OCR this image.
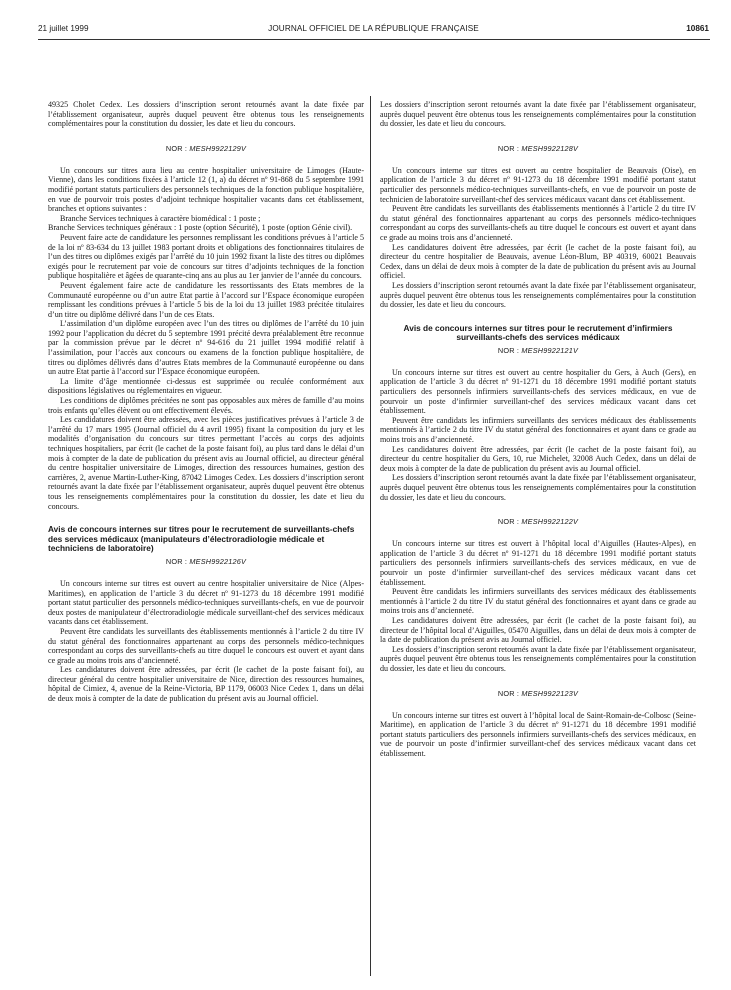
21 juillet 1999	JOURNAL OFFICIEL DE LA RÉPUBLIQUE FRANÇAISE	10861

49325 Cholet Cedex. Les dossiers d’inscription seront retournés avant la date fixée par l’établissement organisateur, auprès duquel peuvent être obtenus tous les renseignements complémentaires pour la constitution du dossier, les date et lieu du concours.

NOR : MESH9922129V

Un concours sur titres aura lieu au centre hospitalier universitaire de Limoges (Haute-Vienne), dans les conditions fixées à l’article 12 (1, a) du décret nº 91-868 du 5 septembre 1991 modifié portant statuts particuliers des personnels techniques de la fonction publique hospitalière, en vue de pourvoir trois postes d’adjoint technique hospitalier vacants dans cet établissement, branches et options suivantes :

Branche Services techniques à caractère biomédical : 1 poste ;

Branche Services techniques généraux : 1 poste (option Sécurité), 1 poste (option Génie civil).

Peuvent faire acte de candidature les personnes remplissant les conditions prévues à l’article 5 de la loi nº 83-634 du 13 juillet 1983 portant droits et obligations des fonctionnaires titulaires de l’un des titres ou diplômes exigés par l’arrêté du 10 juin 1992 fixant la liste des titres ou diplômes exigés pour le recrutement par voie de concours sur titres d’adjoints techniques de la fonction publique hospitalière et âgées de quarante-cinq ans au plus au 1er janvier de l’année du concours.

Peuvent également faire acte de candidature les ressortissants des Etats membres de la Communauté européenne ou d’un autre Etat partie à l’accord sur l’Espace économique européen remplissant les conditions prévues à l’article 5 bis de la loi du 13 juillet 1983 précitée titulaires d’un titre ou diplôme délivré dans l’un de ces Etats.

L’assimilation d’un diplôme européen avec l’un des titres ou diplômes de l’arrêté du 10 juin 1992 pour l’application du décret du 5 septembre 1991 précité devra préalablement être reconnue par la commission prévue par le décret nº 94-616 du 21 juillet 1994 modifié relatif à l’assimilation, pour l’accès aux concours ou examens de la fonction publique hospitalière, de titres ou diplômes délivrés dans d’autres Etats membres de la Communauté européenne ou dans un autre Etat partie à l’accord sur l’Espace économique européen.

La limite d’âge mentionnée ci-dessus est supprimée ou reculée conformément aux dispositions législatives ou réglementaires en vigueur.

Les conditions de diplômes précitées ne sont pas opposables aux mères de famille d’au moins trois enfants qu’elles élèvent ou ont effectivement élevés.

Les candidatures doivent être adressées, avec les pièces justificatives prévues à l’article 3 de l’arrêté du 17 mars 1995 (Journal officiel du 4 avril 1995) fixant la composition du jury et les modalités d’organisation du concours sur titres permettant l’accès au corps des adjoints techniques hospitaliers, par écrit (le cachet de la poste faisant foi), au plus tard dans le délai d’un mois à compter de la date de publication du présent avis au Journal officiel, au directeur général du centre hospitalier universitaire de Limoges, direction des ressources humaines, gestion des carrières, 2, avenue Martin-Luther-King, 87042 Limoges Cedex. Les dossiers d’inscription seront retournés avant la date fixée par l’établissement organisateur, auprès duquel peuvent être obtenus tous les renseignements complémentaires pour la constitution du dossier, les date et lieu du concours.

Avis de concours internes sur titres pour le recrutement de surveillants-chefs des services médicaux (manipulateurs d’électroradiologie médicale et techniciens de laboratoire)
NOR : MESH9922126V

Un concours interne sur titres est ouvert au centre hospitalier universitaire de Nice (Alpes-Maritimes), en application de l’article 3 du décret nº 91-1273 du 18 décembre 1991 modifié portant statut particulier des personnels médico-techniques surveillants-chefs, en vue de pourvoir deux postes de manipulateur d’électroradiologie médicale surveillant-chef des services médicaux vacants dans cet établissement.

Peuvent être candidats les surveillants des établissements mentionnés à l’article 2 du titre IV du statut général des fonctionnaires appartenant au corps des personnels médico-techniques correspondant au corps des surveillants-chefs au titre duquel le concours est ouvert et ayant dans ce grade au moins trois ans d’ancienneté.

Les candidatures doivent être adressées, par écrit (le cachet de la poste faisant foi), au directeur général du centre hospitalier universitaire de Nice, direction des ressources humaines, hôpital de Cimiez, 4, avenue de la Reine-Victoria, BP 1179, 06003 Nice Cedex 1, dans un délai de deux mois à compter de la date de publication du présent avis au Journal officiel.

Les dossiers d’inscription seront retournés avant la date fixée par l’établissement organisateur, auprès duquel peuvent être obtenus tous les renseignements complémentaires pour la constitution du dossier, les date et lieu du concours.

NOR : MESH9922128V

Un concours interne sur titres est ouvert au centre hospitalier de Beauvais (Oise), en application de l’article 3 du décret nº 91-1273 du 18 décembre 1991 modifié portant statut particulier des personnels médico-techniques surveillants-chefs, en vue de pourvoir un poste de technicien de laboratoire surveillant-chef des services médicaux vacant dans cet établissement.

Peuvent être candidats les surveillants des établissements mentionnés à l’article 2 du titre IV du statut général des fonctionnaires appartenant au corps des personnels médico-techniques correspondant au corps des surveillants-chefs au titre duquel le concours est ouvert et ayant dans ce grade au moins trois ans d’ancienneté.

Les candidatures doivent être adressées, par écrit (le cachet de la poste faisant foi), au directeur du centre hospitalier de Beauvais, avenue Léon-Blum, BP 40319, 60021 Beauvais Cedex, dans un délai de deux mois à compter de la date de publication du présent avis au Journal officiel.

Les dossiers d’inscription seront retournés avant la date fixée par l’établissement organisateur, auprès duquel peuvent être obtenus tous les renseignements complémentaires pour la constitution du dossier, les date et lieu du concours.

Avis de concours internes sur titres pour le recrutement d’infirmiers surveillants-chefs des services médicaux
NOR : MESH9922121V

Un concours interne sur titres est ouvert au centre hospitalier du Gers, à Auch (Gers), en application de l’article 3 du décret nº 91-1271 du 18 décembre 1991 modifié portant statuts particuliers des personnels infirmiers surveillants-chefs des services médicaux, en vue de pourvoir un poste d’infirmier surveillant-chef des services médicaux vacant dans cet établissement.

Peuvent être candidats les infirmiers surveillants des services médicaux des établissements mentionnés à l’article 2 du titre IV du statut général des fonctionnaires et ayant dans ce grade au moins trois ans d’ancienneté.

Les candidatures doivent être adressées, par écrit (le cachet de la poste faisant foi), au directeur du centre hospitalier du Gers, 10, rue Michelet, 32008 Auch Cedex, dans un délai de deux mois à compter de la date de publication du présent avis au Journal officiel.

Les dossiers d’inscription seront retournés avant la date fixée par l’établissement organisateur, auprès duquel peuvent être obtenus tous les renseignements complémentaires pour la constitution du dossier, les date et lieu du concours.

NOR : MESH9922122V

Un concours interne sur titres est ouvert à l’hôpital local d’Aiguilles (Hautes-Alpes), en application de l’article 3 du décret nº 91-1271 du 18 décembre 1991 modifié portant statuts particuliers des personnels infirmiers surveillants-chefs des services médicaux, en vue de pourvoir un poste d’infirmier surveillant-chef des services médicaux vacant dans cet établissement.

Peuvent être candidats les infirmiers surveillants des services médicaux des établissements mentionnés à l’article 2 du titre IV du statut général des fonctionnaires et ayant dans ce grade au moins trois ans d’ancienneté.

Les candidatures doivent être adressées, par écrit (le cachet de la poste faisant foi), au directeur de l’hôpital local d’Aiguilles, 05470 Aiguilles, dans un délai de deux mois à compter de la date de publication du présent avis au Journal officiel.

Les dossiers d’inscription seront retournés avant la date fixée par l’établissement organisateur, auprès duquel peuvent être obtenus tous les renseignements complémentaires pour la constitution du dossier, les date et lieu du concours.

NOR : MESH9922123V

Un concours interne sur titres est ouvert à l’hôpital local de Saint-Romain-de-Colbosc (Seine-Maritime), en application de l’article 3 du décret nº 91-1271 du 18 décembre 1991 modifié portant statuts particuliers des personnels infirmiers surveillants-chefs des services médicaux, en vue de pourvoir un poste d’infirmier surveillant-chef des services médicaux vacant dans cet établissement.
